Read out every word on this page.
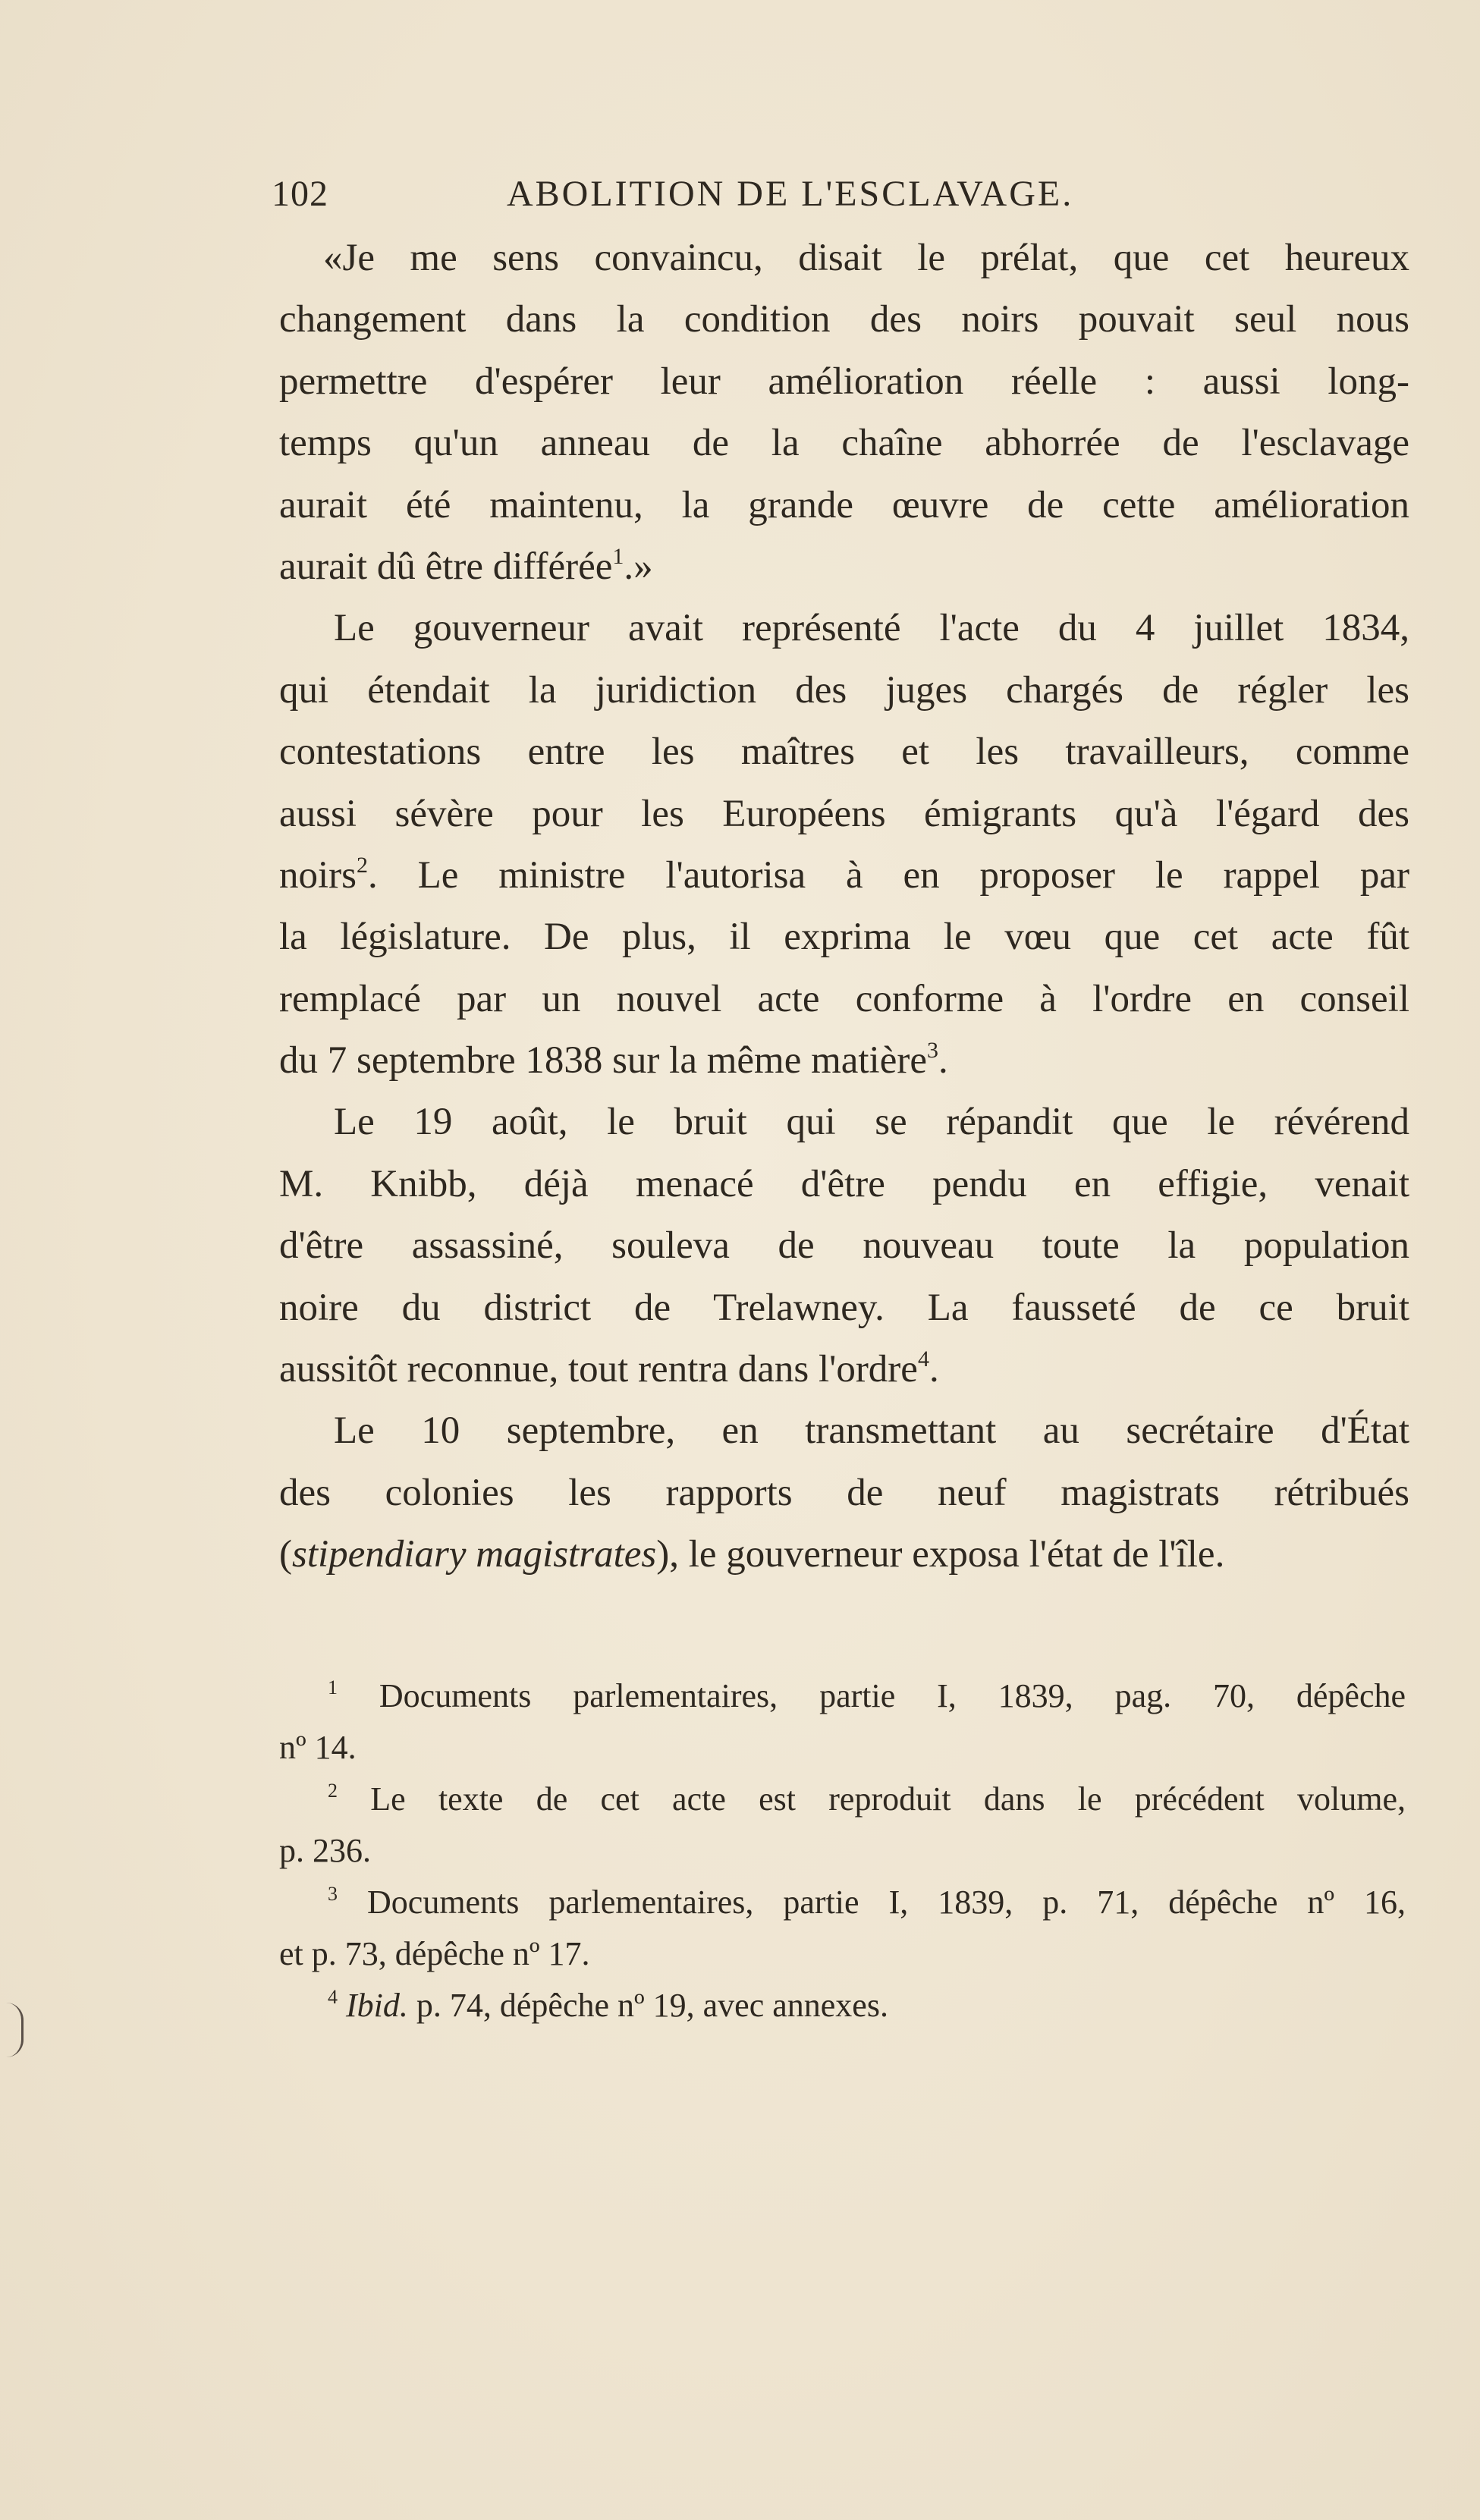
102	ABOLITION DE L'ESCLAVAGE.
«Je me sens convaincu, disait le prélat, que cet heureux
changement dans la condition des noirs pouvait seul nous
permettre d'espérer leur amélioration réelle : aussi long-
temps qu'un anneau de la chaîne abhorrée de l'esclavage
aurait été maintenu, la grande œuvre de cette amélioration
aurait dû être différée$^1$.»
Le gouverneur avait représenté l'acte du 4 juillet 1834,
qui étendait la juridiction des juges chargés de régler les
contestations entre les maîtres et les travailleurs, comme
aussi sévère pour les Européens émigrants qu'à l'égard des
noirs$^2$. Le ministre l'autorisa à en proposer le rappel par
la législature. De plus, il exprima le vœu que cet acte fût
remplacé par un nouvel acte conforme à l'ordre en conseil
du 7 septembre 1838 sur la même matière$^3$.
Le 19 août, le bruit qui se répandit que le révérend
M. Knibb, déjà menacé d'être pendu en effigie, venait
d'être assassiné, souleva de nouveau toute la population
noire du district de Trelawney. La fausseté de ce bruit
aussitôt reconnue, tout rentra dans l'ordre$^4$.
Le 10 septembre, en transmettant au secrétaire d'État
des colonies les rapports de neuf magistrats rétribués
(stipendiary magistrates), le gouverneur exposa l'état de l'île.
$^1$ Documents parlementaires, partie I, 1839, pag. 70, dépêche
nº 14.
$^2$ Le texte de cet acte est reproduit dans le précédent volume,
p. 236.
$^3$ Documents parlementaires, partie I, 1839, p. 71, dépêche nº 16,
et p. 73, dépêche nº 17.
$^4$ Ibid. p. 74, dépêche nº 19, avec annexes.
